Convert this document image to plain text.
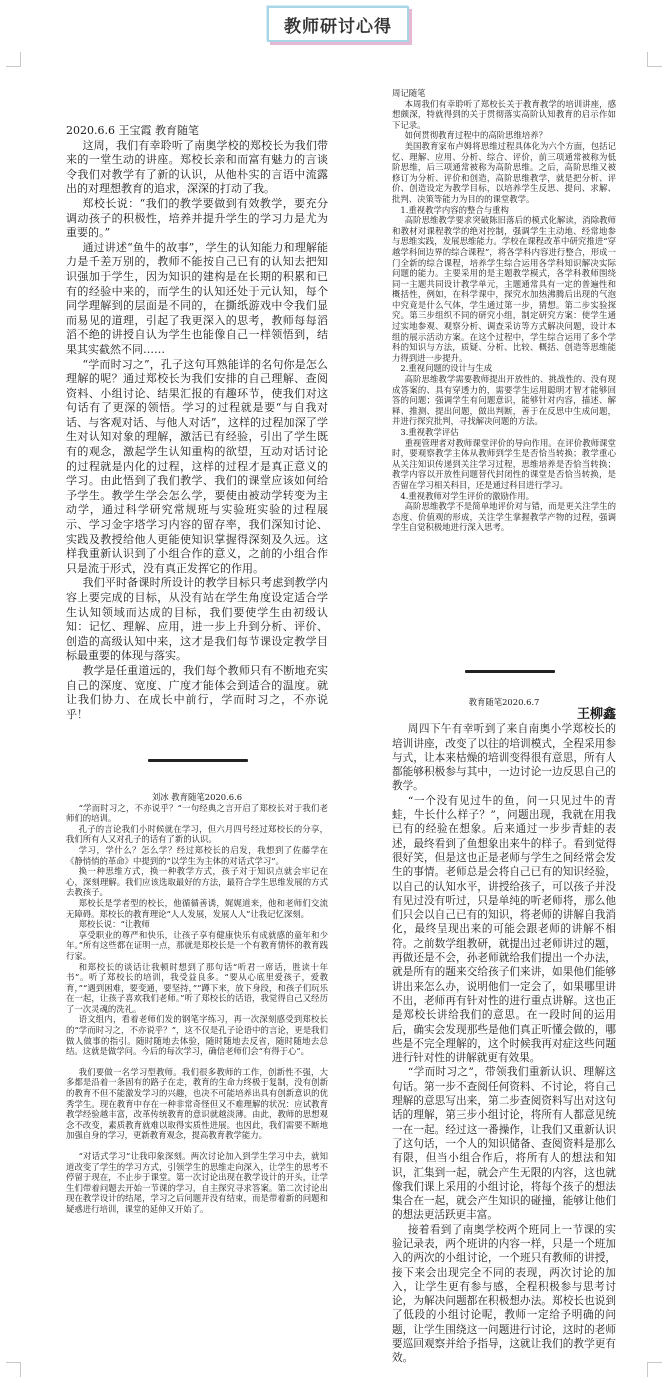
教师研讨心得

2020.6.6 王宝霞 教育随笔

这周，我们有幸聆听了南奥学校的郑校长为我们带来的一堂生动的讲座。郑校长亲和而富有魅力的言谈令我们对教学有了新的认识，从他朴实的言语中流露出的对理想教育的追求，深深的打动了我。

郑校长说：“我们的教学要做到有效教学，要充分调动孩子的积极性，培养并提升学生的学习力是尤为重要的。”

通过讲述“鱼牛的故事”，学生的认知能力和理解能力是千差万别的，教师不能按自己已有的认知去把知识强加于学生，因为知识的建构是在长期的积累和已有的经验中来的，而学生的认知还处于元认知，每个同学理解到的层面是不同的，在撕纸游戏中令我们显而易见的道理，引起了我更深入的思考，教师每每滔滔不绝的讲授自认为学生也能像自己一样领悟到，结果其实截然不同……

“学而时习之”，孔子这句耳熟能详的名句你是怎么理解的呢？通过郑校长为我们安排的自己理解、查阅资料、小组讨论、结果汇报的有趣环节，使我们对这句话有了更深的领悟。学习的过程就是要“与自我对话、与客观对话、与他人对话”，这样的过程加深了学生对认知对象的理解，激活已有经验，引出了学生既有的观念，激起学生认知重构的欲望，互动对话讨论的过程就是内化的过程，这样的过程才是真正意义的学习。由此悟到了我们教学、我们的课堂应该如何给予学生。教学生学会怎么学，要使由被动学转变为主动学，通过科学研究常规班与实验班实验的过程展示、学习金字塔学习内容的留存率，我们深知讨论、实践及教授给他人更能使知识掌握得深刻及久远。这样我重新认识到了小组合作的意义，之前的小组合作只是流于形式，没有真正发挥它的作用。

我们平时备课时所设计的教学目标只考虑到教学内容上要完成的目标，从没有站在学生角度设定适合学生认知领域而达成的目标，我们要使学生由初级认知：记忆、理解、应用，进一步上升到分析、评价、创造的高级认知中来，这才是我们每节课设定教学目标最重要的体现与落实。

教学是任重道远的，我们每个教师只有不断地充实自己的深度、宽度、广度才能体会到适合的温度。就让我们协力、在成长中前行，学而时习之，不亦说乎！

刘冰 教育随笔2020.6.6

“学而时习之，不亦说乎？”一句经典之言开启了郑校长对于我们老师们的培训。

孔子的言论我们小时候就在学习，但六月四号经过郑校长的分享，我们所有人又对孔子的话有了新的认识。

学习，学什么？怎么学？经过郑校长的启发，我想到了佐藤学在《静悄悄的革命》中提到的“以学生为主体的对话式学习”。

换一种思维方式，换一种教学方式，孩子对于知识点就会牢记在心，深刻理解。我们应该选取最好的方法，最符合学生思维发展的方式去教孩子。

郑校长是学者型的校长，他循循善诱，娓娓道来，他和老师们交流无障碍。郑校长的教育理论“人人发展，发展人人”让我记忆深刻。

郑校长说：“让教师

享受职业的尊严和快乐，让孩子享有健康快乐有成就感的童年和少年。”所有这些都在证明一点，那就是郑校长是一个有教育情怀的教育践行家。

和郑校长的谈话让我顿时想到了那句话“听君一席话，胜读十年书”。听了郑校长的培训，我受益良多。“要从心底里爱孩子，爱教育，”“遇到困难，要变通，要坚持，”“蹲下来，放下身段，和孩子们玩乐在一起，让孩子喜欢我们老师。”听了郑校长的话语，我觉得自己又经历了一次灵魂的洗礼。

语文组内，看着老师们发的钢笔字练习，再一次深刻感受到郑校长的“学而时习之，不亦说乎？”，这不仅是孔子论语中的言论，更是我们做人做事的指引。随时随地去体验，随时随地去反省，随时随地去总结。这就是做学问。今后的每次学习，确信老师们会“有得于心”。

我们要做一名学习型教师。我们很多教师的工作，创新性不强，大多都是沿着一条固有的路子在走，教育的生命力终极于复制，没有创新的教育不但不能激发学习的兴趣，也决不可能培养出具有创新意识的优秀学生。现在教育中存在一种非常奇怪但又不难理解的状况：应试教育教学经验越丰富，改革传统教育的意识就越淡薄。由此，教师的思想观念不改变，素质教育就难以取得实质性进展。也因此，我们需要不断地加强自身的学习，更新教育观念，提高教育教学能力。

“对话式学习”让我印象深刻。两次讨论加入到学生学习中去，就知道改变了学生的学习方式，引领学生的思维走向深入，让学生的思考不停留于现在，不止步于课堂。第一次讨论出现在教学设计的开头，让学生们带着问题去开始一节课的学习，自主探究寻求答案。第二次讨论出现在教学设计的结尾，学习之后问题并没有结束，而是带着新的问题和疑惑进行培训，课堂的延伸又开始了。

周记随笔

本周我们有幸聆听了郑校长关于教育教学的培训讲座，感想颇深，特就得到的关于贯彻落实高阶认知教育的启示作如下记录。

如何贯彻教育过程中的高阶思维培养？

美国教育家布卢姆将思维过程具体化为六个方面，包括记忆、理解、应用、分析、综合、评价，前三项通常被称为低阶思维，后三项通常被称为高阶思维。之后，高阶思维又被修订为分析、评价和创造，高阶思维教学，就是把分析、评价、创造设定为教学目标，以培养学生反思、提问、求解、批判、决策等能力为目的的课堂教学。

1.重视教学内容的整合与重构

高阶思维教学要求突破陈旧落后的模式化解读，消除教师和教材对课程教学的绝对控制，强调学生主动地、经常地参与思维实践，发展思维能力。学校在课程改革中研究推进“穿越学科间边界的综合课程”，将各学科内容进行整合，形成一门全新的综合课程，培养学生综合运用各学科知识解决实际问题的能力。主要采用的是主题教学模式，各学科教师围绕同一主题共同设计教学单元，主题通常具有一定的普遍性和概括性，例如，在科学课中，探究水加热沸腾后出现的气泡中究竟是什么气体，学生通过第一步，猜想。第二步实验探究。第三步组织不同的研究小组，制定研究方案：使学生通过实地参观、观察分析、调查采访等方式解决问题，设计本组的展示活动方案。在这个过程中，学生综合运用了多个学科的知识与方法，质疑、分析、比较、概括、创造等思维能力得到进一步提升。

2.重视问题的设计与生成

高阶思维教学需要教师提出开放性的、挑战性的、没有现成答案的、具有穿透力的，需要学生运用聪明才智才能够回答的问题；强调学生有问题意识，能够针对内容，描述、解释、推测、提出问题，做出判断，善于在反思中生成问题，并进行探究批判，寻找解决问题的方法。

3.重视教学评估

重视管理者对教师课堂评价的导向作用。在评价教师课堂时，要观察教学主体从教师到学生是否恰当转换；教学重心从关注知识传递到关注学习过程，思维培养是否恰当转换；教学内容以开放性问题替代封闭性的课堂是否恰当转换，是否留在学习相关科目，还是通过科目进行学习。

4.重视教师对学生评价的激励作用。

高阶思维教学不是简单地评价对与错，而是更关注学生的态度、价值观的形成，关注学生掌握教学产物的过程，强调学生自觉积极地进行深入思考。

教育随笔2020.6.7

王柳鑫

周四下午有幸听到了来自南奥小学郑校长的培训讲座，改变了以往的培训模式，全程采用参与式，让本来枯燥的培训变得很有意思，所有人都能够积极参与其中，一边讨论一边反思自己的教学。

“一个没有见过牛的鱼，问一只见过牛的青蛙，牛长什么样子？”，问题出现，我就在用我已有的经验在想象。后来通过一步步青蛙的表述，最终看到了鱼想象出来牛的样子。看到觉得很好笑，但是这也正是老师与学生之间经常会发生的事情。老师总是会将自己已有的知识经验，以自己的认知水平，讲授给孩子，可以孩子并没有见过没有听过，只是单纯的听老师将，那么他们只会以自己已有的知识，将老师的讲解自我消化，最终呈现出来的可能会跟老师的讲解不相符。之前数学组教研，就提出过老师讲过的题，再做还是不会，孙老师就给我们提出一个办法，就是所有的题来交给孩子们来讲，如果他们能够讲出来怎么办，说明他们一定会了，如果哪里讲不出，老师再有针对性的进行重点讲解。这也正是郑校长讲给我们的意思。在一段时间的运用后，确实会发现那些是他们真正听懂会做的，哪些是不完全理解的，这个时候我再对症这些问题进行针对性的讲解就更有效果。

“学而时习之”，带领我们重新认识、理解这句话。第一步不查阅任何资料、不讨论，将自己理解的意思写出来，第二步查阅资料写出对这句话的理解，第三步小组讨论，将所有人都意见统一在一起。经过这一番操作，让我们又重新认识了这句话，一个人的知识储备、查阅资料是那么有限，但当小组合作后，将所有人的想法和知识，汇集到一起，就会产生无限的内容，这也就像我们课上采用的小组讨论，将每个孩子的想法集合在一起，就会产生知识的碰撞，能够让他们的想法更活跃更丰富。

接着看到了南奥学校两个班同上一节课的实验记录表，两个班讲的内容一样，只是一个班加入的两次的小组讨论，一个班只有教师的讲授，接下来会出现完全不同的表现，两次讨论的加入，让学生更有参与感，全程积极参与思考讨论，为解决问题都在积极想办法。郑校长也说到了低段的小组讨论呢，教师一定给予明确的问题，让学生围绕这一问题进行讨论，这时的老师要巡回观察并给予指导，这就让我们的教学更有效。
